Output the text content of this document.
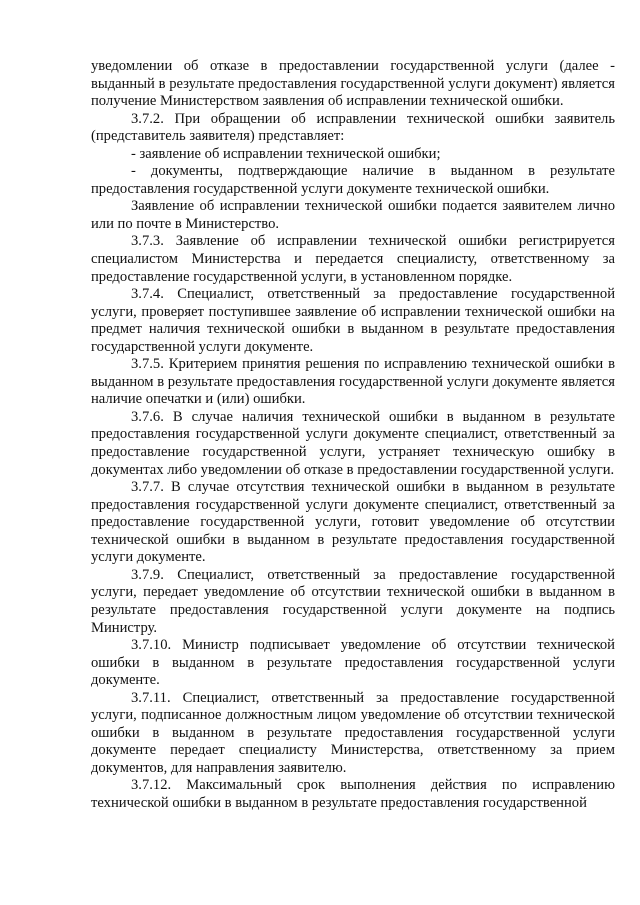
уведомлении об отказе в предоставлении государственной услуги (далее - выданный в результате предоставления государственной услуги документ) является получение Министерством заявления об исправлении технической ошибки.

3.7.2. При обращении об исправлении технической ошибки заявитель (представитель заявителя) представляет:

- заявление об исправлении технической ошибки;

- документы, подтверждающие наличие в выданном в результате предоставления государственной услуги документе технической ошибки.

Заявление об исправлении технической ошибки подается заявителем лично или по почте в Министерство.

3.7.3. Заявление об исправлении технической ошибки регистрируется специалистом Министерства и передается специалисту, ответственному за предоставление государственной услуги, в установленном порядке.

3.7.4. Специалист, ответственный за предоставление государственной услуги, проверяет поступившее заявление об исправлении технической ошибки на предмет наличия технической ошибки в выданном в результате предоставления государственной услуги документе.

3.7.5. Критерием принятия решения по исправлению технической ошибки в выданном в результате предоставления государственной услуги документе является наличие опечатки и (или) ошибки.

3.7.6. В случае наличия технической ошибки в выданном в результате предоставления государственной услуги документе специалист, ответственный за предоставление государственной услуги, устраняет техническую ошибку в документах либо уведомлении об отказе в предоставлении государственной услуги.

3.7.7. В случае отсутствия технической ошибки в выданном в результате предоставления государственной услуги документе специалист, ответственный за предоставление государственной услуги, готовит уведомление об отсутствии технической ошибки в выданном в результате предоставления государственной услуги документе.

3.7.9. Специалист, ответственный за предоставление государственной услуги, передает уведомление об отсутствии технической ошибки в выданном в результате предоставления государственной услуги документе на подпись Министру.

3.7.10. Министр подписывает уведомление об отсутствии технической ошибки в выданном в результате предоставления государственной услуги документе.

3.7.11. Специалист, ответственный за предоставление государственной услуги, подписанное должностным лицом уведомление об отсутствии технической ошибки в выданном в результате предоставления государственной услуги документе передает специалисту Министерства, ответственному за прием документов, для направления заявителю.

3.7.12. Максимальный срок выполнения действия по исправлению технической ошибки в выданном в результате предоставления государственной
